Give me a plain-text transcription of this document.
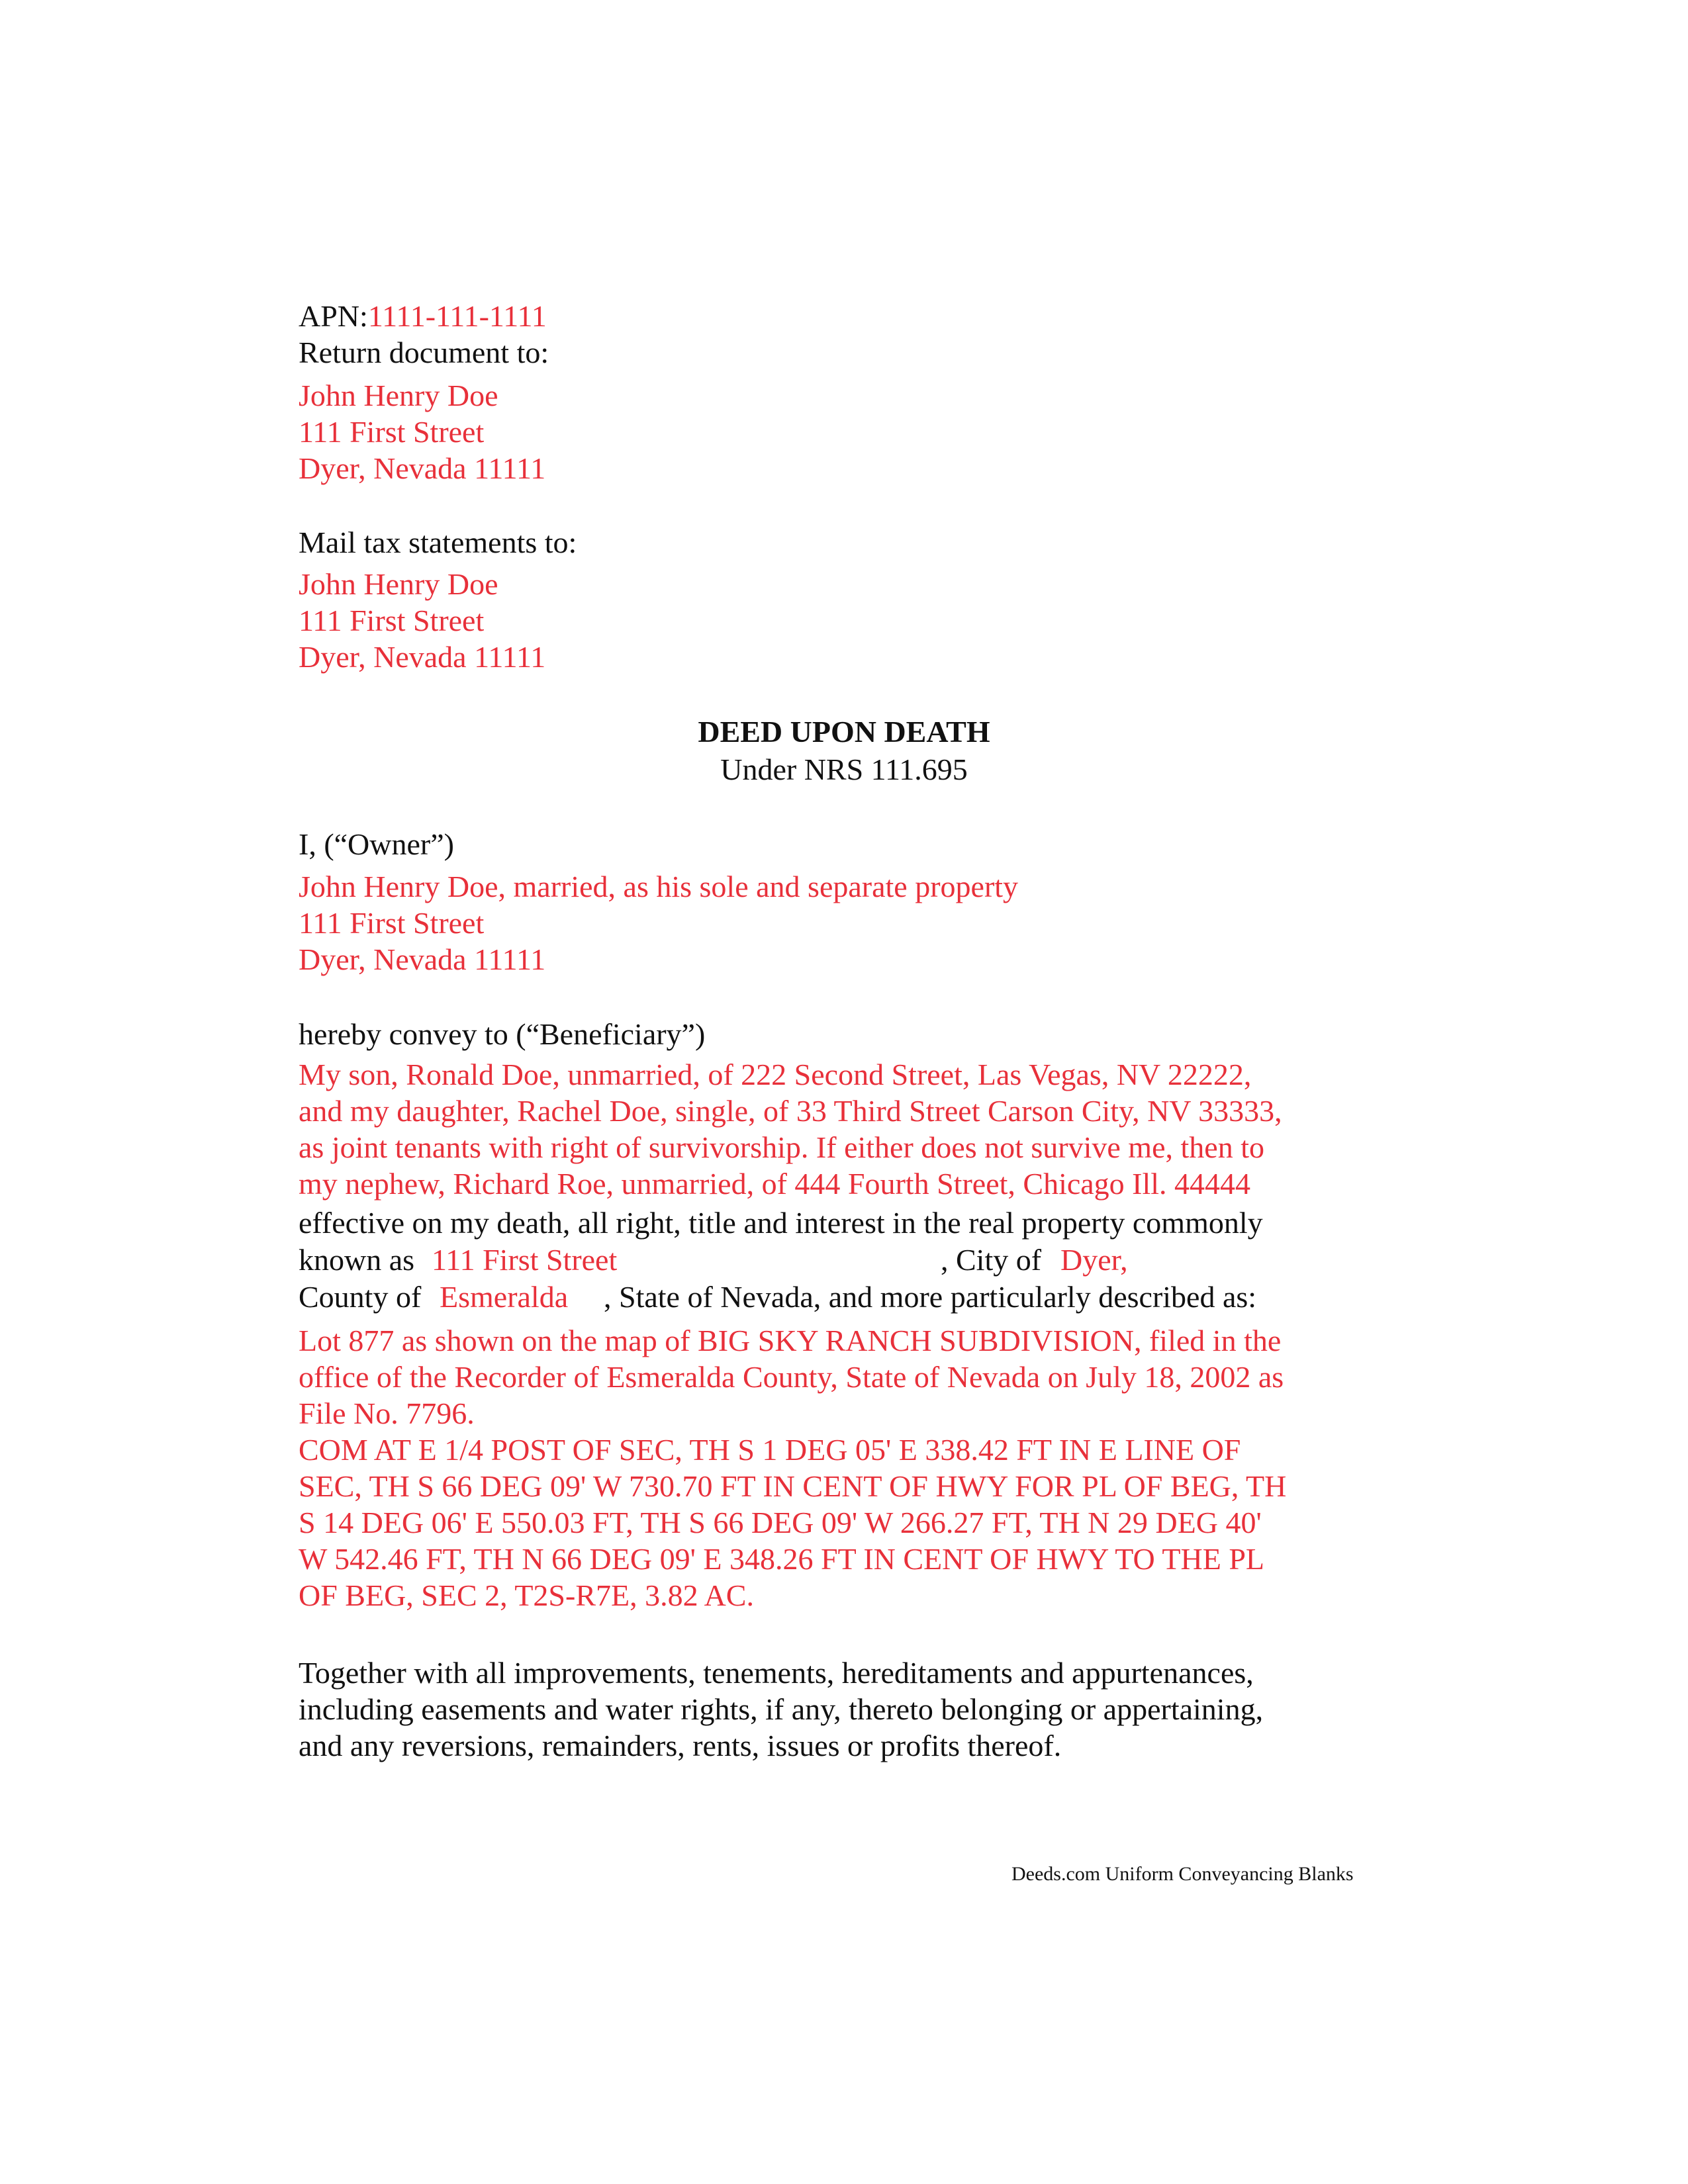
APN:1111-111-1111
Return document to:
John Henry Doe
111 First Street
Dyer, Nevada 11111
Mail tax statements to:
John Henry Doe
111 First Street
Dyer, Nevada 11111
DEED UPON DEATH
Under NRS 111.695
I, (“Owner”)
John Henry Doe, married, as his sole and separate property
111 First Street
Dyer, Nevada 11111
hereby convey to (“Beneficiary”)
My son, Ronald Doe, unmarried, of 222 Second Street, Las Vegas, NV 22222,
and my daughter, Rachel Doe, single, of 33 Third Street Carson City, NV 33333,
as joint tenants with right of survivorship. If either does not survive me, then to
my nephew, Richard Roe, unmarried, of 444 Fourth Street, Chicago Ill. 44444
effective on my death, all right, title and interest in the real property commonly
known as 111 First Street	, City of Dyer,
County of Esmeralda , State of Nevada, and more particularly described as:
Lot 877 as shown on the map of BIG SKY RANCH SUBDIVISION, filed in the
office of the Recorder of Esmeralda County, State of Nevada on July 18, 2002 as
File No. 7796.
COM AT E 1/4 POST OF SEC, TH S 1 DEG 05' E 338.42 FT IN E LINE OF
SEC, TH S 66 DEG 09' W 730.70 FT IN CENT OF HWY FOR PL OF BEG, TH
S 14 DEG 06' E 550.03 FT, TH S 66 DEG 09' W 266.27 FT, TH N 29 DEG 40'
W 542.46 FT, TH N 66 DEG 09' E 348.26 FT IN CENT OF HWY TO THE PL
OF BEG, SEC 2, T2S-R7E, 3.82 AC.
Together with all improvements, tenements, hereditaments and appurtenances,
including easements and water rights, if any, thereto belonging or appertaining,
and any reversions, remainders, rents, issues or profits thereof.
Deeds.com Uniform Conveyancing Blanks
